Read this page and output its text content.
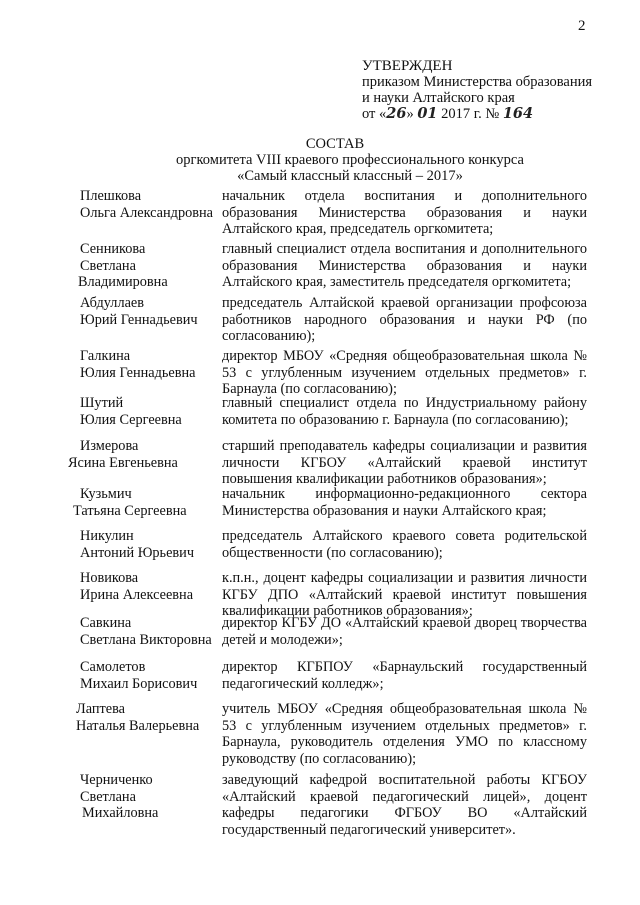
2
УТВЕРЖДЕН
приказом Министерства образования
и науки Алтайского края
от «26» 01 2017 г. № 164
СОСТАВ
оргкомитета VIII краевого профессионального конкурса
«Самый классный классный – 2017»
Плешкова
Ольга Александровна
начальник отдела воспитания и дополнительного образования Министерства образования и науки Алтайского края, председатель оргкомитета;
Сенникова
Светлана
Владимировна
главный специалист отдела воспитания и дополнительного образования Министерства образования и науки Алтайского края, заместитель председателя оргкомитета;
Абдуллаев
Юрий Геннадьевич
председатель Алтайской краевой организации профсоюза работников народного образования и науки РФ (по согласованию);
Галкина
Юлия Геннадьевна
директор МБОУ «Средняя общеобразовательная школа № 53 с углубленным изучением отдельных предметов» г. Барнаула (по согласованию);
Шутий
Юлия Сергеевна
главный специалист отдела по Индустриальному району комитета по образованию г. Барнаула (по согласованию);
Измерова
Ясина Евгеньевна
старший преподаватель кафедры социализации и развития личности КГБОУ «Алтайский краевой институт повышения квалификации работников образования»;
Кузьмич
Татьяна Сергеевна
начальник информационно-редакционного сектора Министерства образования и науки Алтайского края;
Никулин
Антоний Юрьевич
председатель Алтайского краевого совета родительской общественности (по согласованию);
Новикова
Ирина Алексеевна
к.п.н., доцент кафедры социализации и развития личности КГБУ ДПО «Алтайский краевой институт повышения квалификации работников образования»;
Савкина
Светлана Викторовна
директор КГБУ ДО «Алтайский краевой дворец творчества детей и молодежи»;
Самолетов
Михаил Борисович
директор КГБПОУ «Барнаульский государственный педагогический колледж»;
Лаптева
Наталья Валерьевна
учитель МБОУ «Средняя общеобразовательная школа № 53 с углубленным изучением отдельных предметов» г. Барнаула, руководитель отделения УМО по классному руководству (по согласованию);
Черниченко
Светлана
Михайловна
заведующий кафедрой воспитательной работы КГБОУ «Алтайский краевой педагогический лицей», доцент кафедры педагогики ФГБОУ ВО «Алтайский государственный педагогический университет».
